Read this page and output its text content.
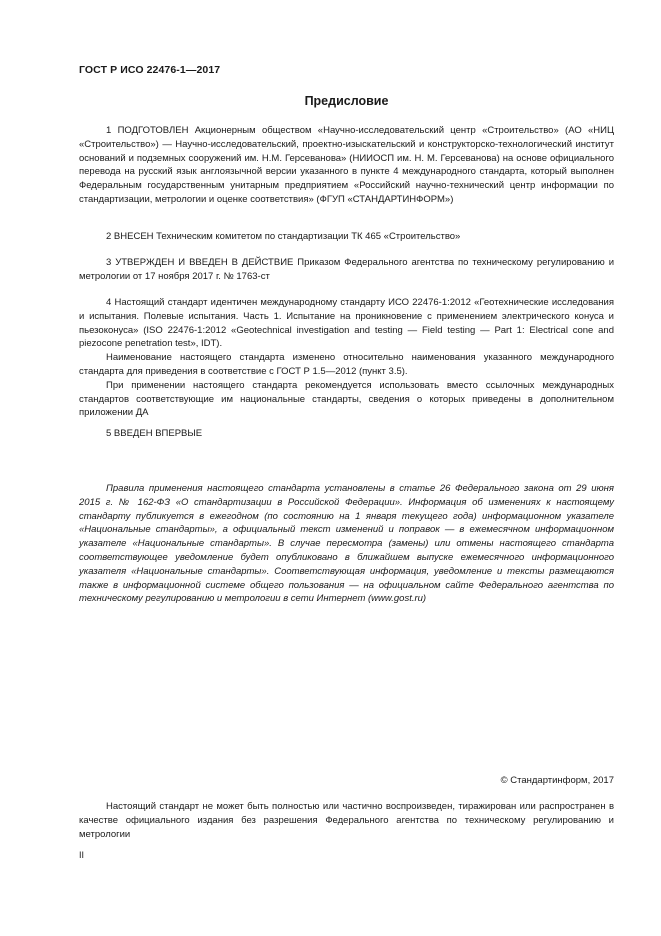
ГОСТ Р ИСО 22476-1—2017
Предисловие

1 ПОДГОТОВЛЕН Акционерным обществом «Научно-исследовательский центр «Строительство» (АО «НИЦ «Строительство») — Научно-исследовательский, проектно-изыскательский и конструкторско-технологический институт оснований и подземных сооружений им. Н.М. Герсеванова» (НИИОСП им. Н. М. Герсеванова) на основе официального перевода на русский язык англоязычной версии указанного в пункте 4 международного стандарта, который выполнен Федеральным государственным унитарным предприятием «Российский научно-технический центр информации по стандартизации, метрологии и оценке соответствия» (ФГУП «СТАНДАРТИНФОРМ»)

2 ВНЕСЕН Техническим комитетом по стандартизации ТК 465 «Строительство»

3 УТВЕРЖДЕН И ВВЕДЕН В ДЕЙСТВИЕ Приказом Федерального агентства по техническому регулированию и метрологии от 17 ноября 2017 г. № 1763-ст

4 Настоящий стандарт идентичен международному стандарту ИСО 22476-1:2012 «Геотехнические исследования и испытания. Полевые испытания. Часть 1. Испытание на проникновение с применением электрического конуса и пьезоконуса» (ISO 22476-1:2012 «Geotechnical investigation and testing — Field testing — Part 1: Electrical cone and piezocone penetration test», IDT).

Наименование настоящего стандарта изменено относительно наименования указанного международного стандарта для приведения в соответствие с ГОСТ Р 1.5—2012 (пункт 3.5).

При применении настоящего стандарта рекомендуется использовать вместо ссылочных международных стандартов соответствующие им национальные стандарты, сведения о которых приведены в дополнительном приложении ДА

5 ВВЕДЕН ВПЕРВЫЕ

Правила применения настоящего стандарта установлены в статье 26 Федерального закона от 29 июня 2015 г. № 162-ФЗ «О стандартизации в Российской Федерации». Информация об изменениях к настоящему стандарту публикуется в ежегодном (по состоянию на 1 января текущего года) информационном указателе «Национальные стандарты», а официальный текст изменений и поправок — в ежемесячном информационном указателе «Национальные стандарты». В случае пересмотра (замены) или отмены настоящего стандарта соответствующее уведомление будет опубликовано в ближайшем выпуске ежемесячного информационного указателя «Национальные стандарты». Соответствующая информация, уведомление и тексты размещаются также в информационной системе общего пользования — на официальном сайте Федерального агентства по техническому регулированию и метрологии в сети Интернет (www.gost.ru)

© Стандартинформ, 2017

Настоящий стандарт не может быть полностью или частично воспроизведен, тиражирован или распространен в качестве официального издания без разрешения Федерального агентства по техническому регулированию и метрологии

II
